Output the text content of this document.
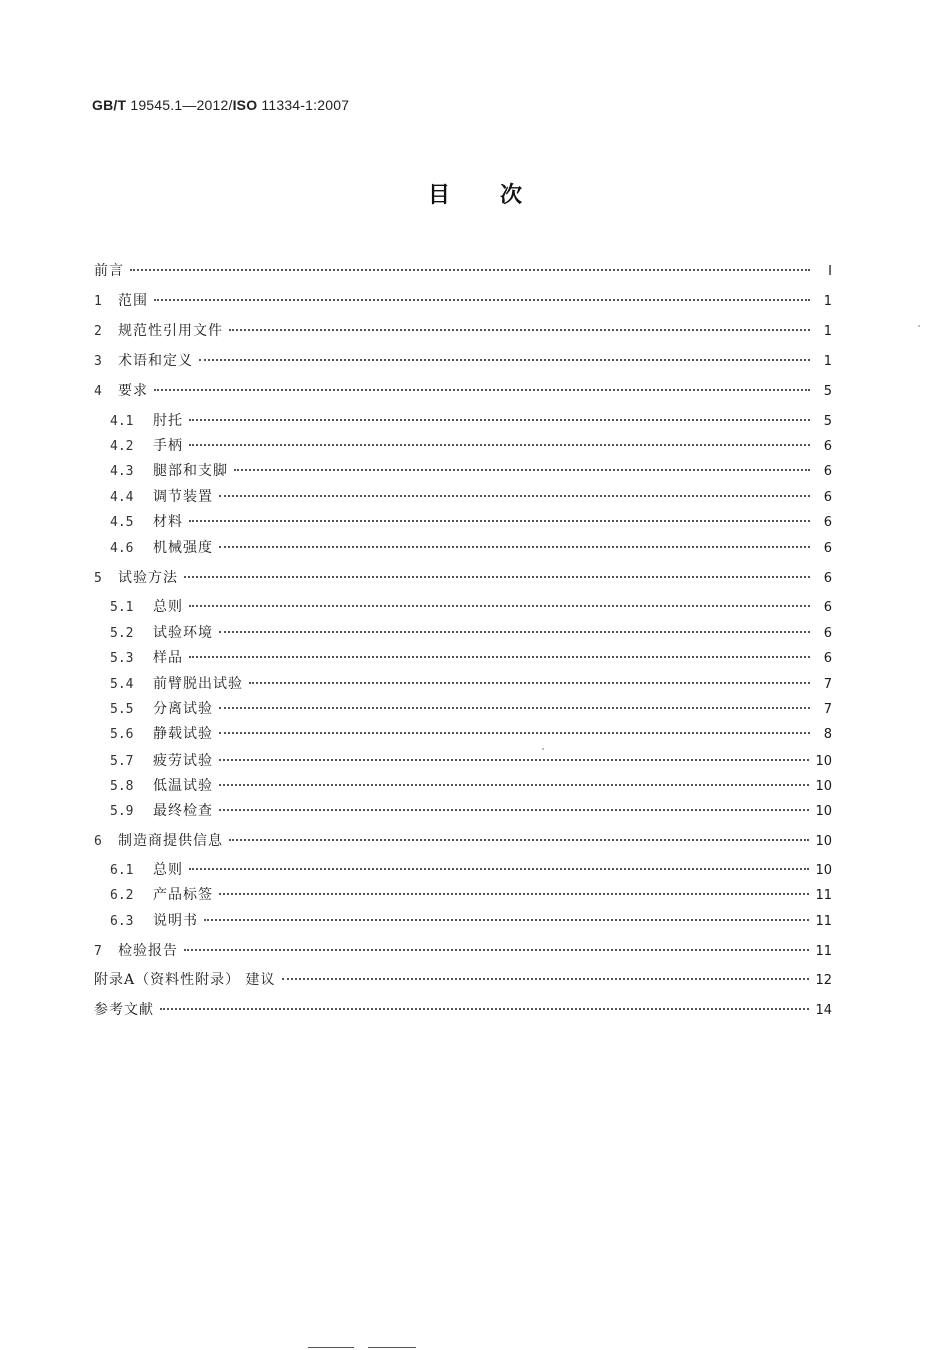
GB/T 19545.1—2012/ISO 11334-1:2007
目次
前言	I
1	范围	1
2	规范性引用文件	1
3	术语和定义	1
4	要求	5
4.1	肘托	5
4.2	手柄	6
4.3	腿部和支脚	6
4.4	调节装置	6
4.5	材料	6
4.6	机械强度	6
5	试验方法	6
5.1	总则	6
5.2	试验环境	6
5.3	样品	6
5.4	前臂脱出试验	7
5.5	分离试验	7
5.6	静载试验	8
5.7	疲劳试验	10
5.8	低温试验	10
5.9	最终检查	10
6	制造商提供信息	10
6.1	总则	10
6.2	产品标签	11
6.3	说明书	11
7	检验报告	11
附录A（资料性附录） 建议	12
参考文献	14
